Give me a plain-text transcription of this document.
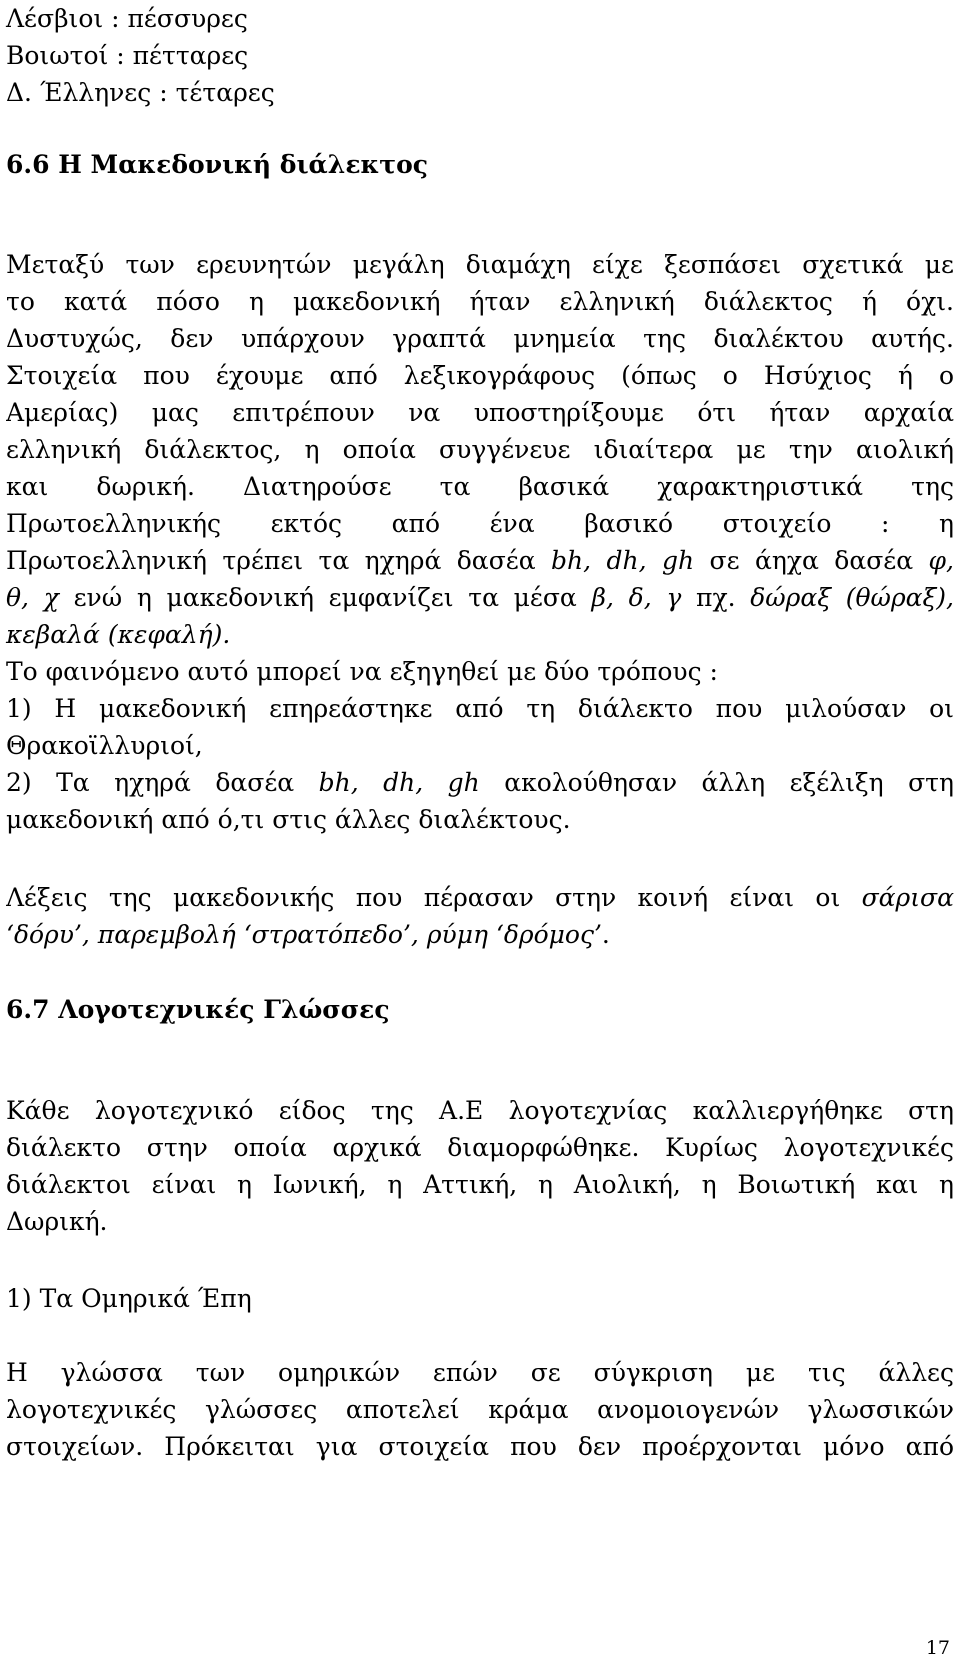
Λέσβιοι : πέσσυρες
Βοιωτοί : πέτταρες
Δ. Έλληνες : τέταρες
6.6 Η Μακεδονική διάλεκτος
Μεταξύ των ερευνητών μεγάλη διαμάχη είχε ξεσπάσει σχετικά με
το κατά πόσο η μακεδονική ήταν ελληνική διάλεκτος ή όχι.
Δυστυχώς, δεν υπάρχουν γραπτά μνημεία της διαλέκτου αυτής.
Στοιχεία που έχουμε από λεξικογράφους (όπως ο Ησύχιος ή ο
Αμερίας) μας επιτρέπουν να υποστηρίξουμε ότι ήταν αρχαία
ελληνική διάλεκτος, η οποία συγγένευε ιδιαίτερα με την αιολική
και δωρική. Διατηρούσε τα βασικά χαρακτηριστικά της
Πρωτοελληνικής εκτός από ένα βασικό στοιχείο : η
Πρωτοελληνική τρέπει τα ηχηρά δασέα bh, dh, gh σε άηχα δασέα φ,
θ, χ ενώ η μακεδονική εμφανίζει τα μέσα β, δ, γ πχ. δώραξ (θώραξ),
κεβαλά (κεφαλή).
Το φαινόμενο αυτό μπορεί να εξηγηθεί με δύο τρόπους :
1) Η μακεδονική επηρεάστηκε από τη διάλεκτο που μιλούσαν οι
Θρακοϊλλυριοί,
2) Τα ηχηρά δασέα bh, dh, gh ακολούθησαν άλλη εξέλιξη στη
μακεδονική από ό,τι στις άλλες διαλέκτους.
Λέξεις της μακεδονικής που πέρασαν στην κοινή είναι οι σάρισα
‘δόρυ’, παρεμβολή ‘στρατόπεδο’, ρύμη ‘δρόμος’.
6.7 Λογοτεχνικές Γλώσσες
Κάθε λογοτεχνικό είδος της Α.Ε λογοτεχνίας καλλιεργήθηκε στη
διάλεκτο στην οποία αρχικά διαμορφώθηκε. Κυρίως λογοτεχνικές
διάλεκτοι είναι η Ιωνική, η Αττική, η Αιολική, η Βοιωτική και η
Δωρική.
1) Τα Ομηρικά Έπη
Η γλώσσα των ομηρικών επών σε σύγκριση με τις άλλες
λογοτεχνικές γλώσσες αποτελεί κράμα ανομοιογενών γλωσσικών
στοιχείων. Πρόκειται για στοιχεία που δεν προέρχονται μόνο από
17
